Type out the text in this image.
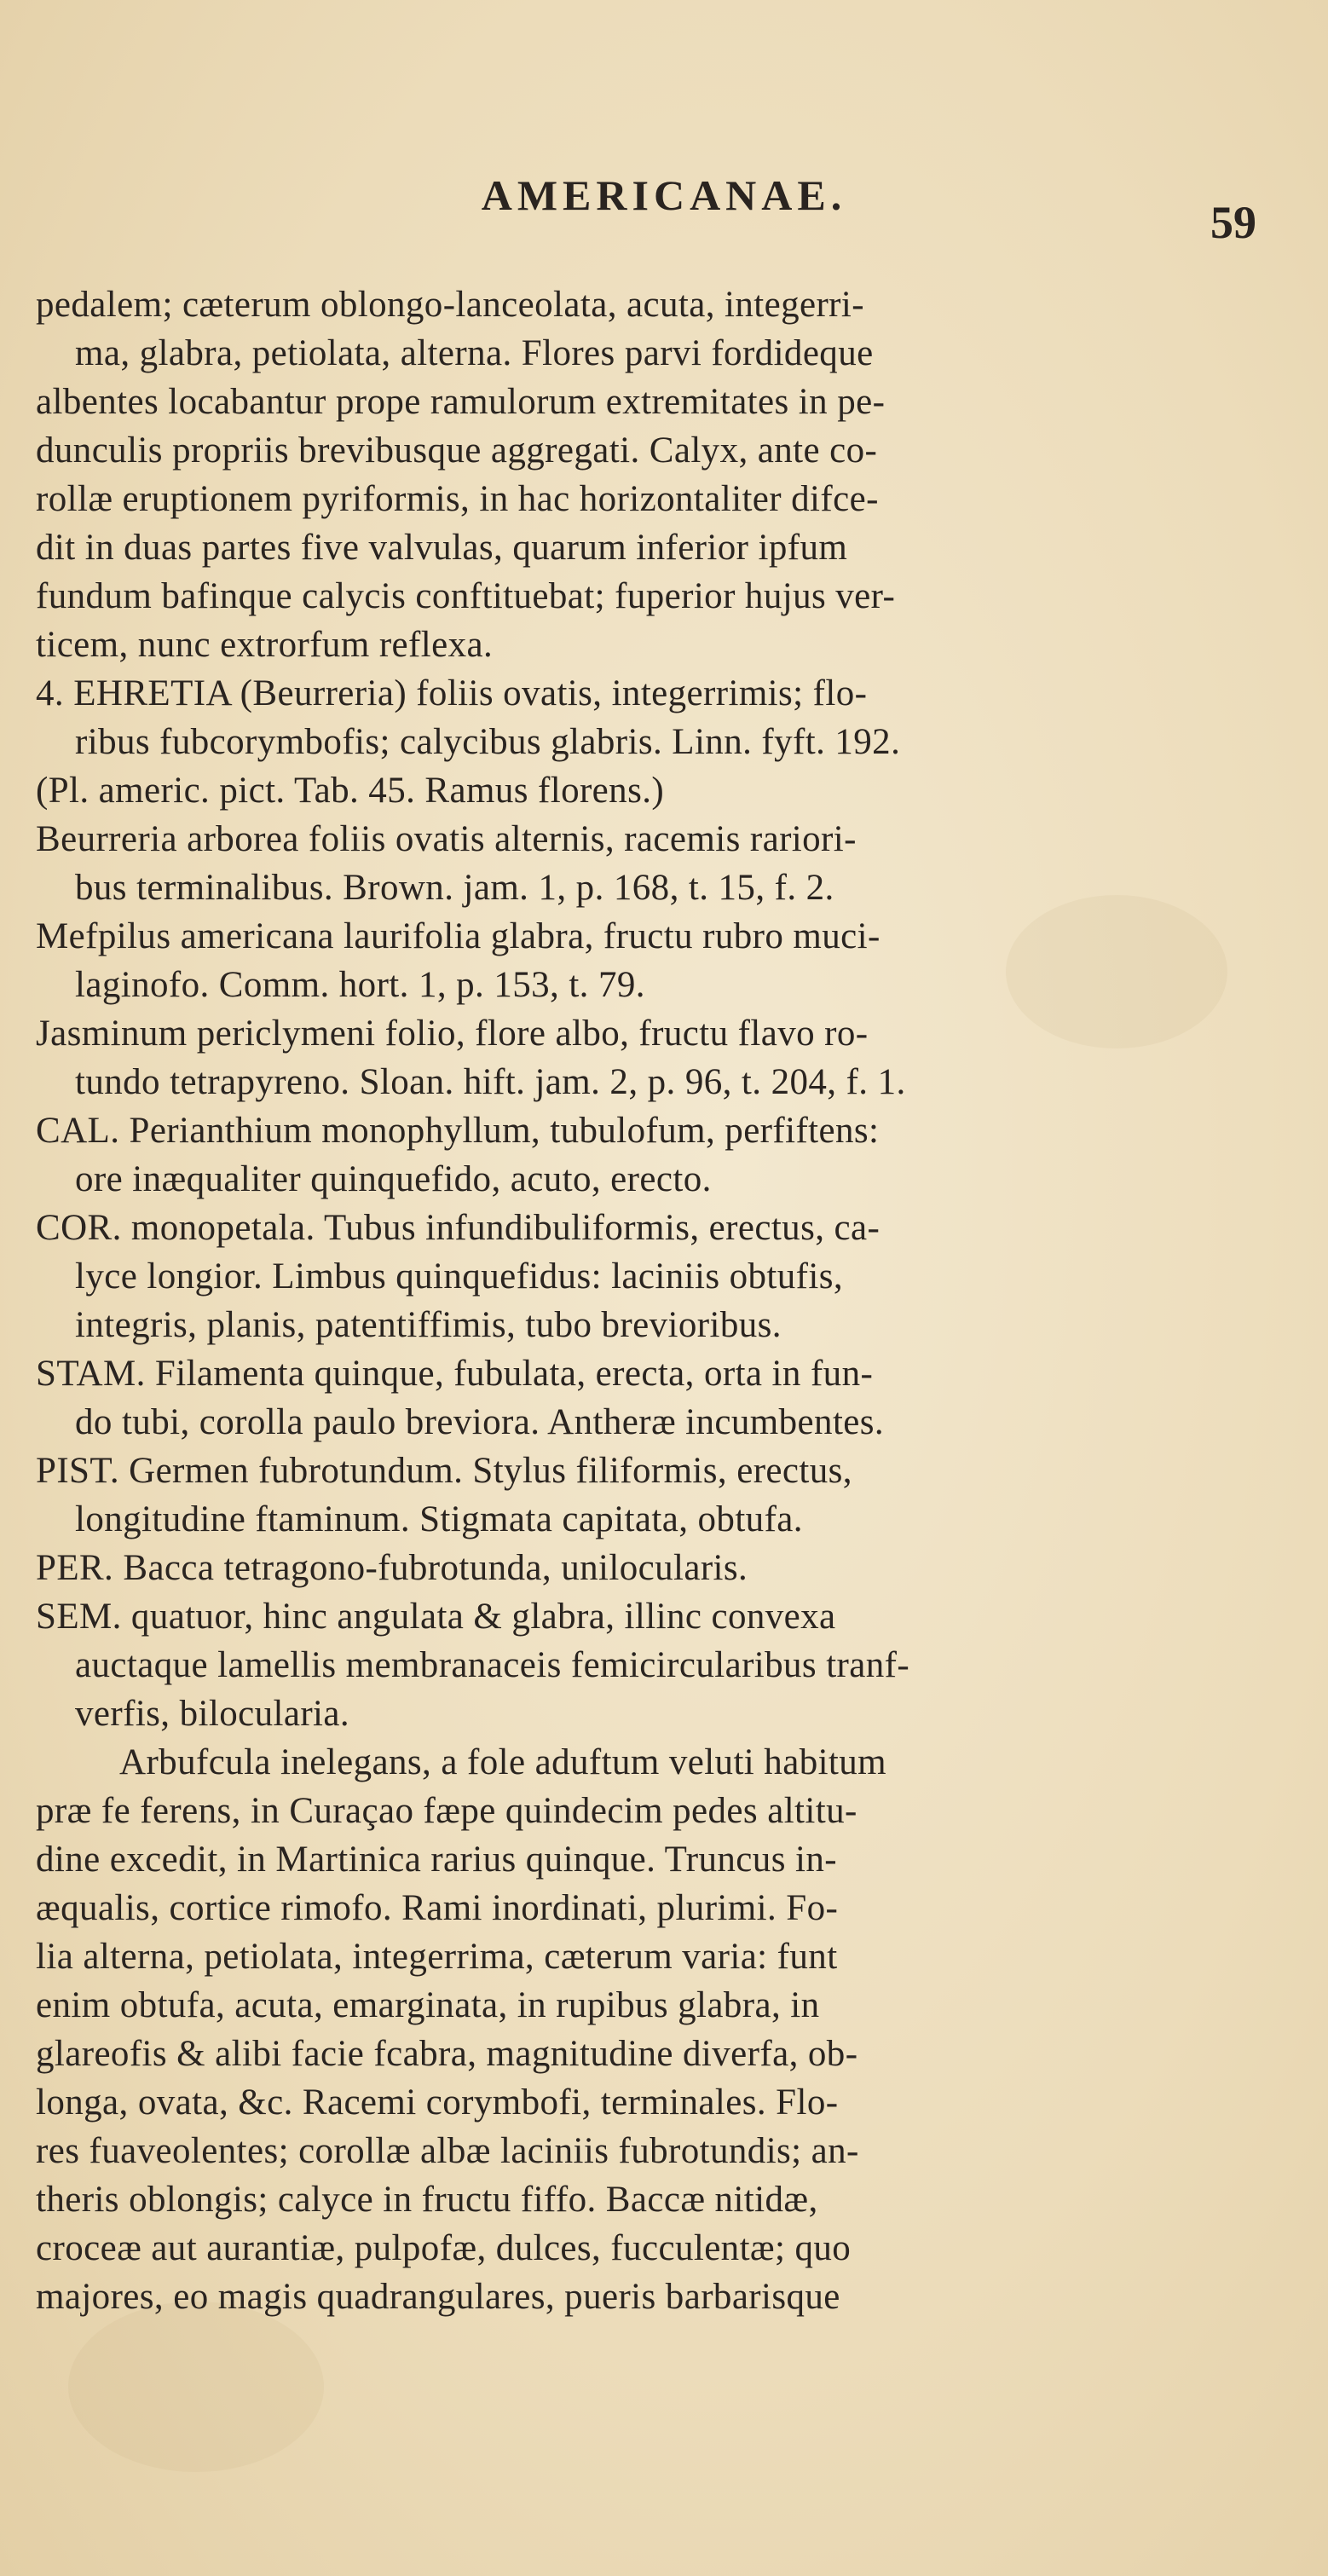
AMERICANAE.
59
pedalem; cæterum oblongo-lanceolata, acuta, integerri-
ma, glabra, petiolata, alterna. Flores parvi fordideque
albentes locabantur prope ramulorum extremitates in pe-
dunculis propriis brevibusque aggregati. Calyx, ante co-
rollæ eruptionem pyriformis, in hac horizontaliter difce-
dit in duas partes five valvulas, quarum inferior ipfum
fundum bafinque calycis conftituebat; fuperior hujus ver-
ticem, nunc extrorfum reflexa.
4. EHRETIA (Beurreria) foliis ovatis, integerrimis; flo-
ribus fubcorymbofis; calycibus glabris. Linn. fyft. 192.
(Pl. americ. pict. Tab. 45. Ramus florens.)
Beurreria arborea foliis ovatis alternis, racemis rariori-
bus terminalibus. Brown. jam. 1, p. 168, t. 15, f. 2.
Mefpilus americana laurifolia glabra, fructu rubro muci-
laginofo. Comm. hort. 1, p. 153, t. 79.
Jasminum periclymeni folio, flore albo, fructu flavo ro-
tundo tetrapyreno. Sloan. hift. jam. 2, p. 96, t. 204, f. 1.
CAL. Perianthium monophyllum, tubulofum, perfiftens:
ore inæqualiter quinquefido, acuto, erecto.
COR. monopetala. Tubus infundibuliformis, erectus, ca-
lyce longior. Limbus quinquefidus: laciniis obtufis,
integris, planis, patentiffimis, tubo brevioribus.
STAM. Filamenta quinque, fubulata, erecta, orta in fun-
do tubi, corolla paulo breviora. Antheræ incumbentes.
PIST. Germen fubrotundum. Stylus filiformis, erectus,
longitudine ftaminum. Stigmata capitata, obtufa.
PER. Bacca tetragono-fubrotunda, unilocularis.
SEM. quatuor, hinc angulata & glabra, illinc convexa
auctaque lamellis membranaceis femicircularibus tranf-
verfis, bilocularia.
Arbufcula inelegans, a fole aduftum veluti habitum
præ fe ferens, in Curaçao fæpe quindecim pedes altitu-
dine excedit, in Martinica rarius quinque. Truncus in-
æqualis, cortice rimofo. Rami inordinati, plurimi. Fo-
lia alterna, petiolata, integerrima, cæterum varia: funt
enim obtufa, acuta, emarginata, in rupibus glabra, in
glareofis & alibi facie fcabra, magnitudine diverfa, ob-
longa, ovata, &c. Racemi corymbofi, terminales. Flo-
res fuaveolentes; corollæ albæ laciniis fubrotundis; an-
theris oblongis; calyce in fructu fiffo. Baccæ nitidæ,
croceæ aut aurantiæ, pulpofæ, dulces, fucculentæ; quo
majores, eo magis quadrangulares, pueris barbarisque
